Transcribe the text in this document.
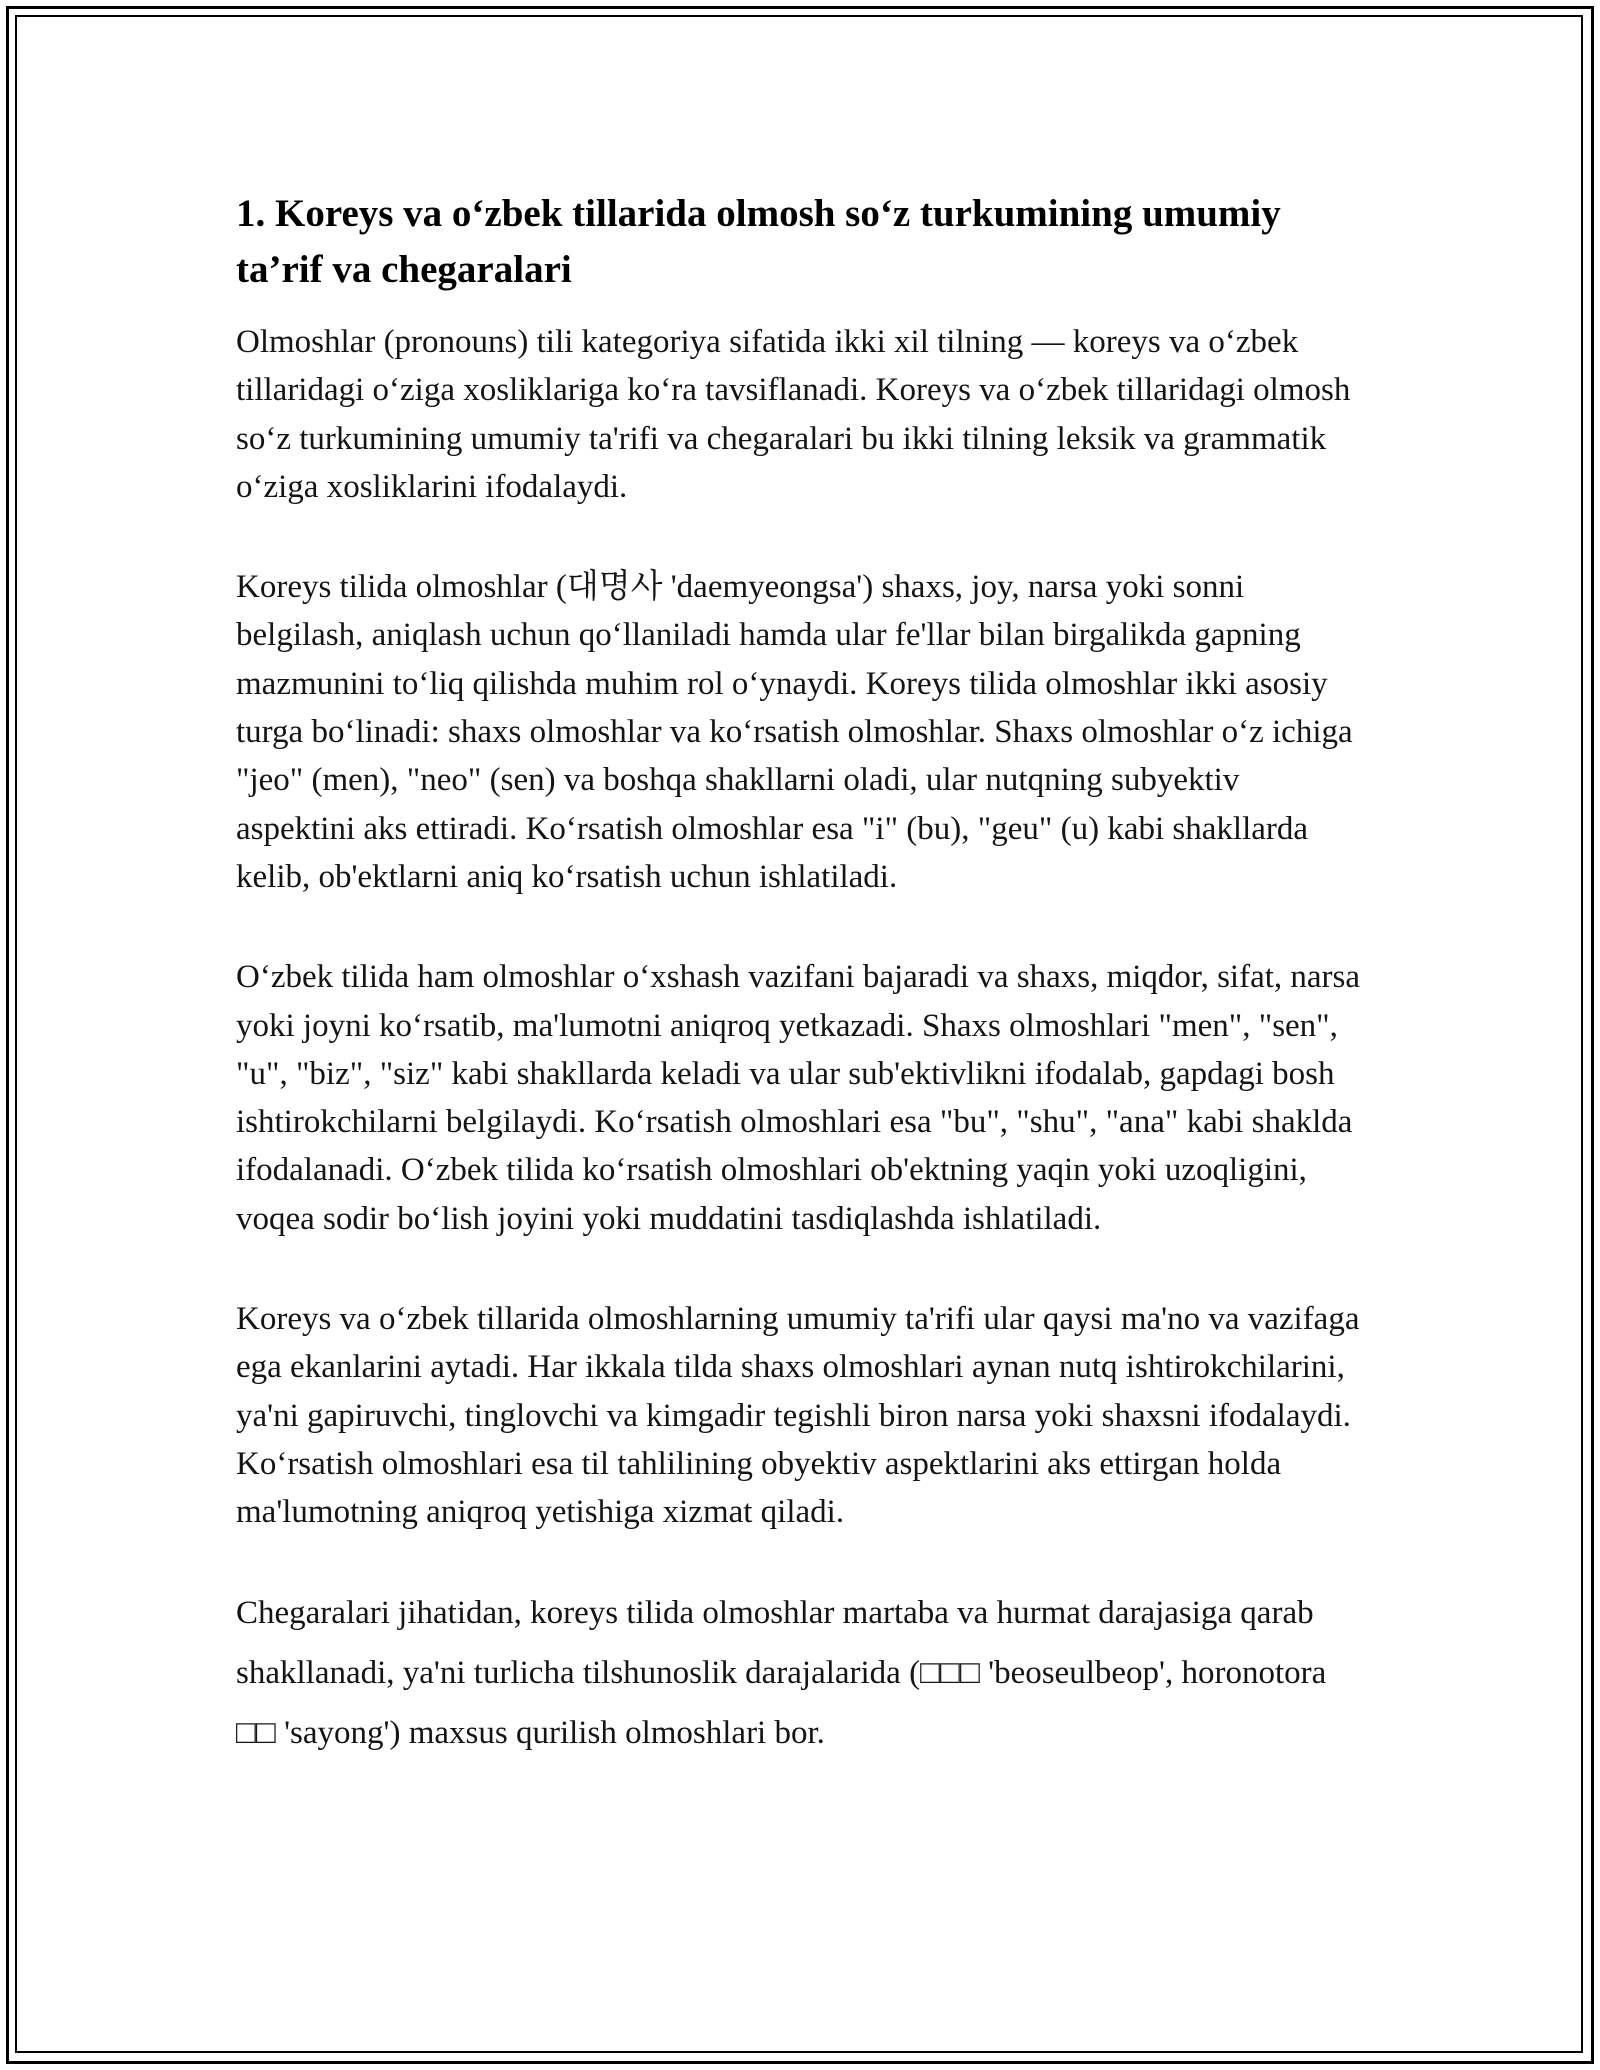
1. Koreys va o‘zbek tillarida olmosh so‘z turkumining umumiy ta’rif va chegaralari

Olmoshlar (pronouns) tili kategoriya sifatida ikki xil tilning — koreys va o‘zbek tillaridagi o‘ziga xosliklariga ko‘ra tavsiflanadi. Koreys va o‘zbek tillaridagi olmosh so‘z turkumining umumiy ta'rifi va chegaralari bu ikki tilning leksik va grammatik o‘ziga xosliklarini ifodalaydi.

Koreys tilida olmoshlar (대명사 'daemyeongsa') shaxs, joy, narsa yoki sonni belgilash, aniqlash uchun qo‘llaniladi hamda ular fe'llar bilan birgalikda gapning mazmunini to‘liq qilishda muhim rol o‘ynaydi. Koreys tilida olmoshlar ikki asosiy turga bo‘linadi: shaxs olmoshlar va ko‘rsatish olmoshlar. Shaxs olmoshlar o‘z ichiga "jeo" (men), "neo" (sen) va boshqa shakllarni oladi, ular nutqning subyektiv aspektini aks ettiradi. Ko‘rsatish olmoshlar esa "i" (bu), "geu" (u) kabi shakllarda kelib, ob'ektlarni aniq ko‘rsatish uchun ishlatiladi.

O‘zbek tilida ham olmoshlar o‘xshash vazifani bajaradi va shaxs, miqdor, sifat, narsa yoki joyni ko‘rsatib, ma'lumotni aniqroq yetkazadi. Shaxs olmoshlari "men", "sen", "u", "biz", "siz" kabi shakllarda keladi va ular sub'ektivlikni ifodalab, gapdagi bosh ishtirokchilarni belgilaydi. Ko‘rsatish olmoshlari esa "bu", "shu", "ana" kabi shaklda ifodalanadi. O‘zbek tilida ko‘rsatish olmoshlari ob'ektning yaqin yoki uzoqligini, voqea sodir bo‘lish joyini yoki muddatini tasdiqlashda ishlatiladi.

Koreys va o‘zbek tillarida olmoshlarning umumiy ta'rifi ular qaysi ma'no va vazifaga ega ekanlarini aytadi. Har ikkala tilda shaxs olmoshlari aynan nutq ishtirokchilarini, ya'ni gapiruvchi, tinglovchi va kimgadir tegishli biron narsa yoki shaxsni ifodalaydi. Ko‘rsatish olmoshlari esa til tahlilining obyektiv aspektlarini aks ettirgan holda ma'lumotning aniqroq yetishiga xizmat qiladi.

Chegaralari jihatidan, koreys tilida olmoshlar martaba va hurmat darajasiga qarab shakllanadi, ya'ni turlicha tilshunoslik darajalarida (□□□ 'beoseulbeop', horonotora □□ 'sayong') maxsus qurilish olmoshlari bor.
